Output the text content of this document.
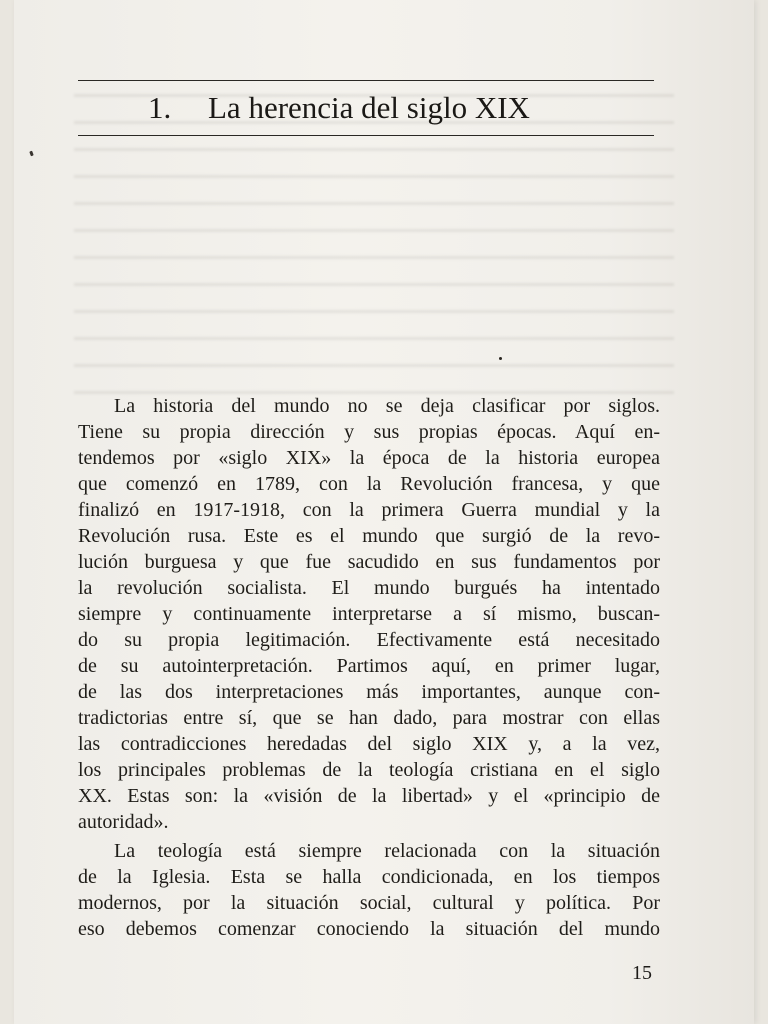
1. La herencia del siglo XIX
La historia del mundo no se deja clasificar por siglos.
Tiene su propia dirección y sus propias épocas. Aquí en-
tendemos por «siglo XIX» la época de la historia europea
que comenzó en 1789, con la Revolución francesa, y que
finalizó en 1917-1918, con la primera Guerra mundial y la
Revolución rusa. Este es el mundo que surgió de la revo-
lución burguesa y que fue sacudido en sus fundamentos por
la revolución socialista. El mundo burgués ha intentado
siempre y continuamente interpretarse a sí mismo, buscan-
do su propia legitimación. Efectivamente está necesitado
de su autointerpretación. Partimos aquí, en primer lugar,
de las dos interpretaciones más importantes, aunque con-
tradictorias entre sí, que se han dado, para mostrar con ellas
las contradicciones heredadas del siglo XIX y, a la vez,
los principales problemas de la teología cristiana en el siglo
XX. Estas son: la «visión de la libertad» y el «principio de
autoridad».
La teología está siempre relacionada con la situación
de la Iglesia. Esta se halla condicionada, en los tiempos
modernos, por la situación social, cultural y política. Por
eso debemos comenzar conociendo la situación del mundo
15
